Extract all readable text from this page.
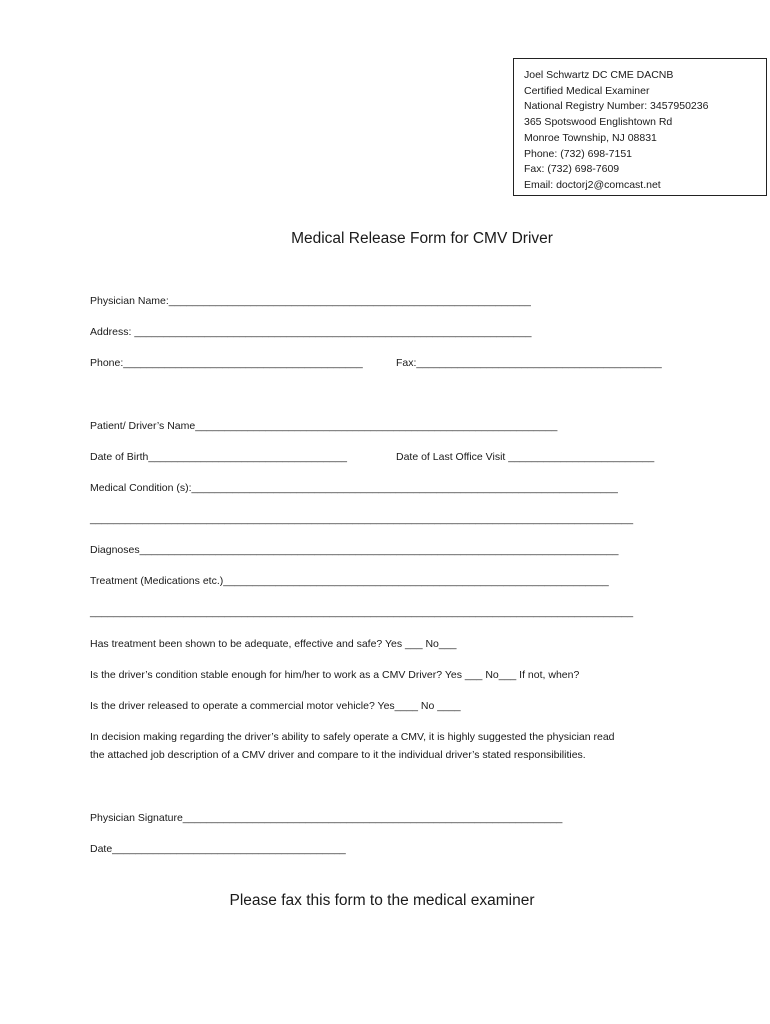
Joel Schwartz DC CME DACNB
Certified Medical Examiner
National Registry Number: 3457950236
365 Spotswood Englishtown Rd
Monroe Township, NJ 08831
Phone: (732) 698-7151
Fax: (732) 698-7609
Email: doctorj2@comcast.net
Medical Release Form for CMV Driver
Physician Name:______________________________________________________________
Address: ____________________________________________________________________
Phone:_________________________________________	Fax:__________________________________________
Patient/ Driver’s Name______________________________________________________________
Date of Birth__________________________________	Date of Last Office Visit _________________________
Medical Condition (s):_________________________________________________________________________
_____________________________________________________________________________________________
Diagnoses__________________________________________________________________________________
Treatment (Medications etc.)__________________________________________________________________
_____________________________________________________________________________________________
Has treatment been shown to be adequate, effective and safe? Yes ___ No___
Is the driver’s condition stable enough for him/her to work as a CMV Driver? Yes ___ No___ If not, when?
Is the driver released to operate a commercial motor vehicle? Yes____ No ____
In decision making regarding the driver’s ability to safely operate a CMV, it is highly suggested the physician read
the attached job description of a CMV driver and compare to it the individual driver’s stated responsibilities.
Physician Signature_________________________________________________________________
Date________________________________________
Please fax this form to the medical examiner
